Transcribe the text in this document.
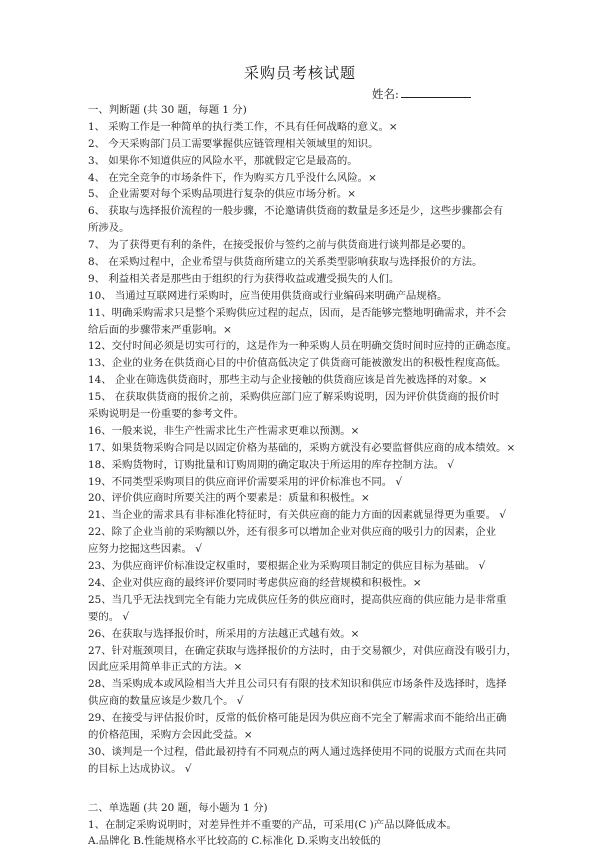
采购员考核试题
姓名:
一、判断题 (共 30 题，每题 1 分)
1、 采购工作是一种简单的执行类工作，不具有任何战略的意义。×
2、 今天采购部门员工需要掌握供应链管理相关领域里的知识。
3、 如果你不知道供应的风险水平，那就假定它是最高的。
4、 在完全竞争的市场条件下，作为购买方几乎没什么风险。×
5、 企业需要对每个采购品项进行复杂的供应市场分析。×
6、 获取与选择报价流程的一般步骤，不论邀请供货商的数量是多还是少，这些步骤都会有
所涉及。
7、 为了获得更有利的条件，在接受报价与签约之前与供货商进行谈判都是必要的。
8、 在采购过程中，企业希望与供货商所建立的关系类型影响获取与选择报价的方法。
9、 利益相关者是那些由于组织的行为获得收益或遭受损失的人们。
10、 当通过互联网进行采购时，应当使用供货商或行业编码来明确产品规格。
11、明确采购需求只是整个采购供应过程的起点，因而，是否能够完整地明确需求，并不会
给后面的步骤带来严重影响。×
12、交付时间必须是切实可行的，这是作为一种采购人员在明确交货时间时应持的正确态度。
13、企业的业务在供货商心目的中价值高低决定了供货商可能被激发出的积极性程度高低。
14、 企业在筛选供货商时，那些主动与企业接触的供货商应该是首先被选择的对象。×
15、 在获取供货商的报价之前，采购供应部门应了解采购说明，因为评价供货商的报价时
采购说明是一份重要的参考文件。
16、一般来说，非生产性需求比生产性需求更难以预测。×
17、如果货物采购合同是以固定价格为基础的，采购方就没有必要监督供应商的成本绩效。×
18、采购货物时，订购批量和订购周期的确定取决于所运用的库存控制方法。 √
19、不同类型采购项目的供应商评价需要采用的评价标准也不同。 √
20、评价供应商时所要关注的两个要素是：质量和积极性。×
21、当企业的需求具有非标准化特征时，有关供应商的能力方面的因素就显得更为重要。 √
22、除了企业当前的采购额以外，还有很多可以增加企业对供应商的吸引力的因素，企业
应努力挖掘这些因素。 √
23、为供应商评价标准设定权重时，要根据企业为采购项目制定的供应目标为基础。 √
24、企业对供应商的最终评价要同时考虑供应商的经营规模和积极性。×
25、当几乎无法找到完全有能力完成供应任务的供应商时，提高供应商的供应能力是非常重
要的。 √
26、在获取与选择报价时，所采用的方法越正式越有效。×
27、针对瓶颈项目，在确定获取与选择报价的方法时，由于交易额少，对供应商没有吸引力，
因此应采用简单非正式的方法。×
28、当采购成本或风险相当大并且公司只有有限的技术知识和供应市场条件及选择时，选择
供应商的数量应该是少数几个。 √
29、在接受与评估报价时，反常的低价格可能是因为供应商不完全了解需求而不能给出正确
的价格范围，采购方会因此受益。×
30、谈判是一个过程，借此最初持有不同观点的两人通过选择使用不同的说服方式而在共同
的目标上达成协议。 √
二、单选题 (共 20 题，每小题为 1 分)
1、在制定采购说明时，对差异性并不重要的产品，可采用(C )产品以降低成本。
A.品牌化 B.性能规格水平比较高的 C.标准化 D.采购支出较低的
